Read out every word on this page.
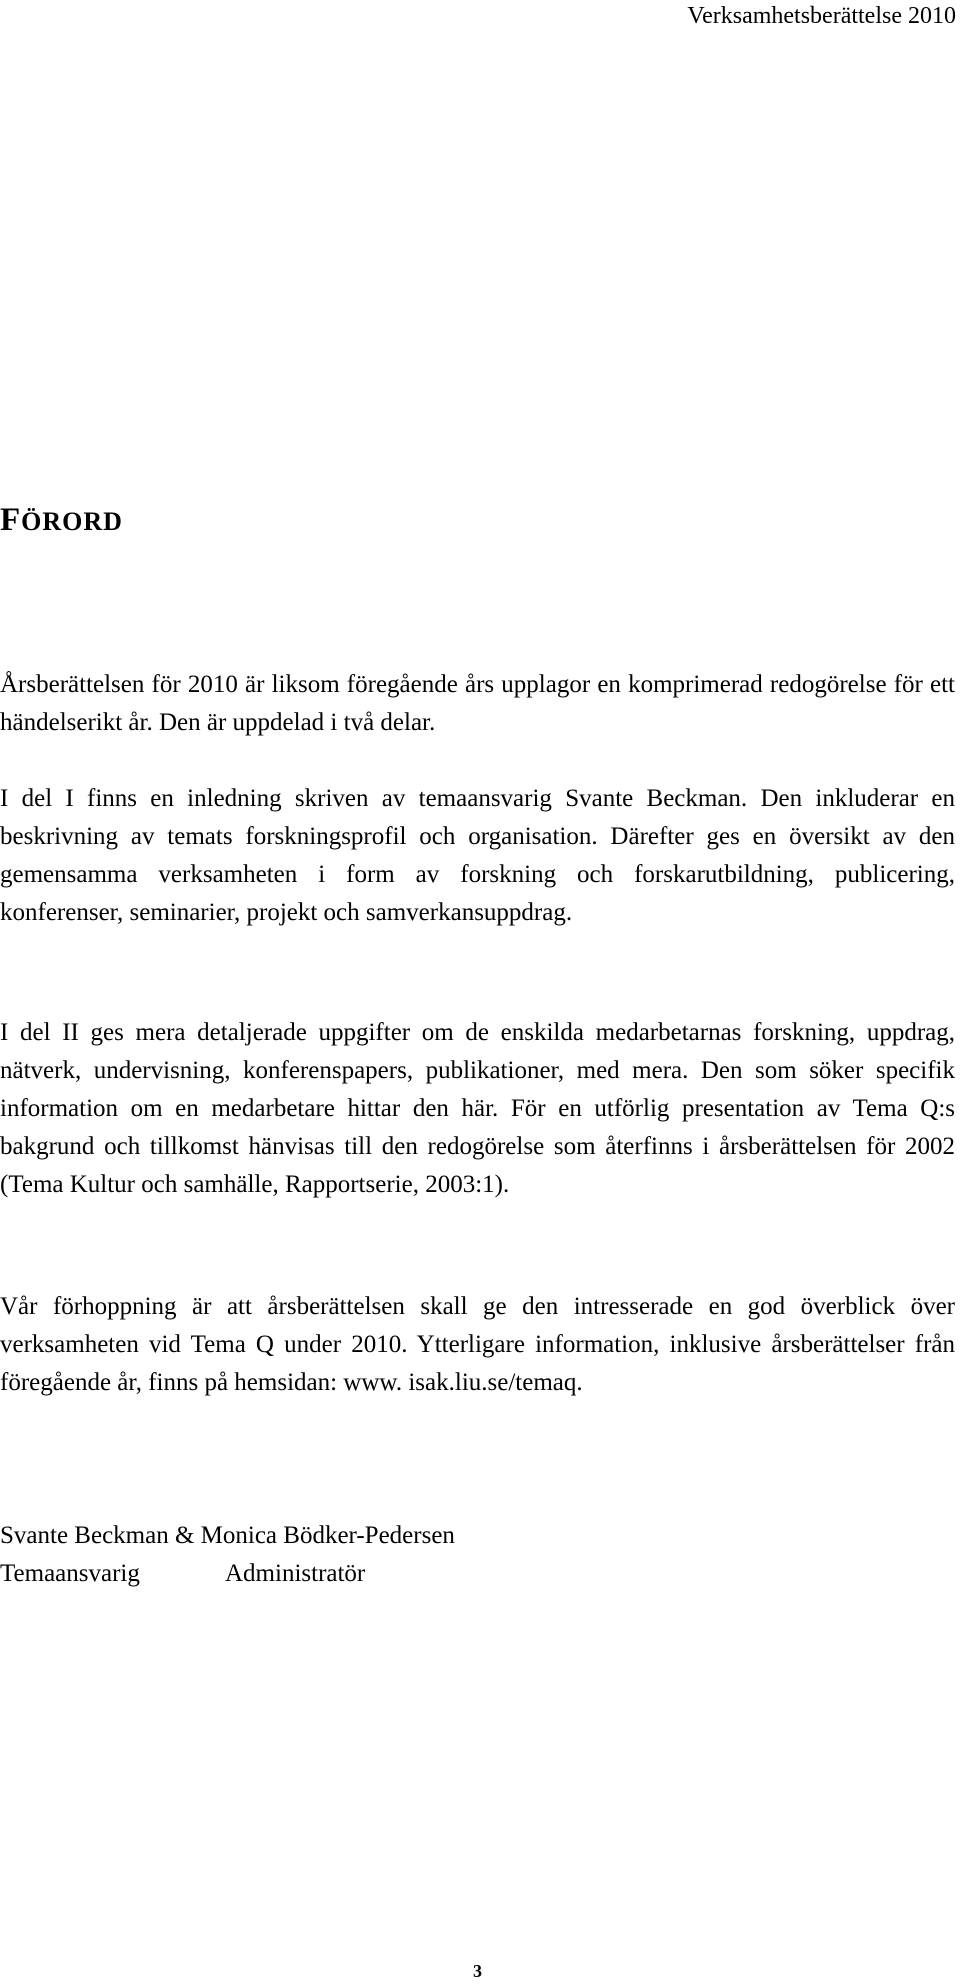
Verksamhetsberättelse 2010
FÖRORD

Årsberättelsen för 2010 är liksom föregående års upplagor en komprimerad redogörelse för ett händelserikt år. Den är uppdelad i två delar.

I del I finns en inledning skriven av temaansvarig Svante Beckman. Den inkluderar en beskrivning av temats forskningsprofil och organisation. Därefter ges en översikt av den gemensamma verksamheten i form av forskning och forskarutbildning, publicering, konferenser, seminarier, projekt och samverkansuppdrag.

I del II ges mera detaljerade uppgifter om de enskilda medarbetarnas forskning, uppdrag, nätverk, undervisning, konferenspapers, publikationer, med mera. Den som söker specifik information om en medarbetare hittar den här. För en utförlig presentation av Tema Q:s bakgrund och tillkomst hänvisas till den redogörelse som återfinns i årsberättelsen för 2002 (Tema Kultur och samhälle, Rapportserie, 2003:1).

Vår förhoppning är att årsberättelsen skall ge den intresserade en god överblick över verksamheten vid Tema Q under 2010. Ytterligare information, inklusive årsberättelser från föregående år, finns på hemsidan: www. isak.liu.se/temaq.

Svante Beckman & Monica Bödker-Pedersen
Temaansvarig	Administratör
3
